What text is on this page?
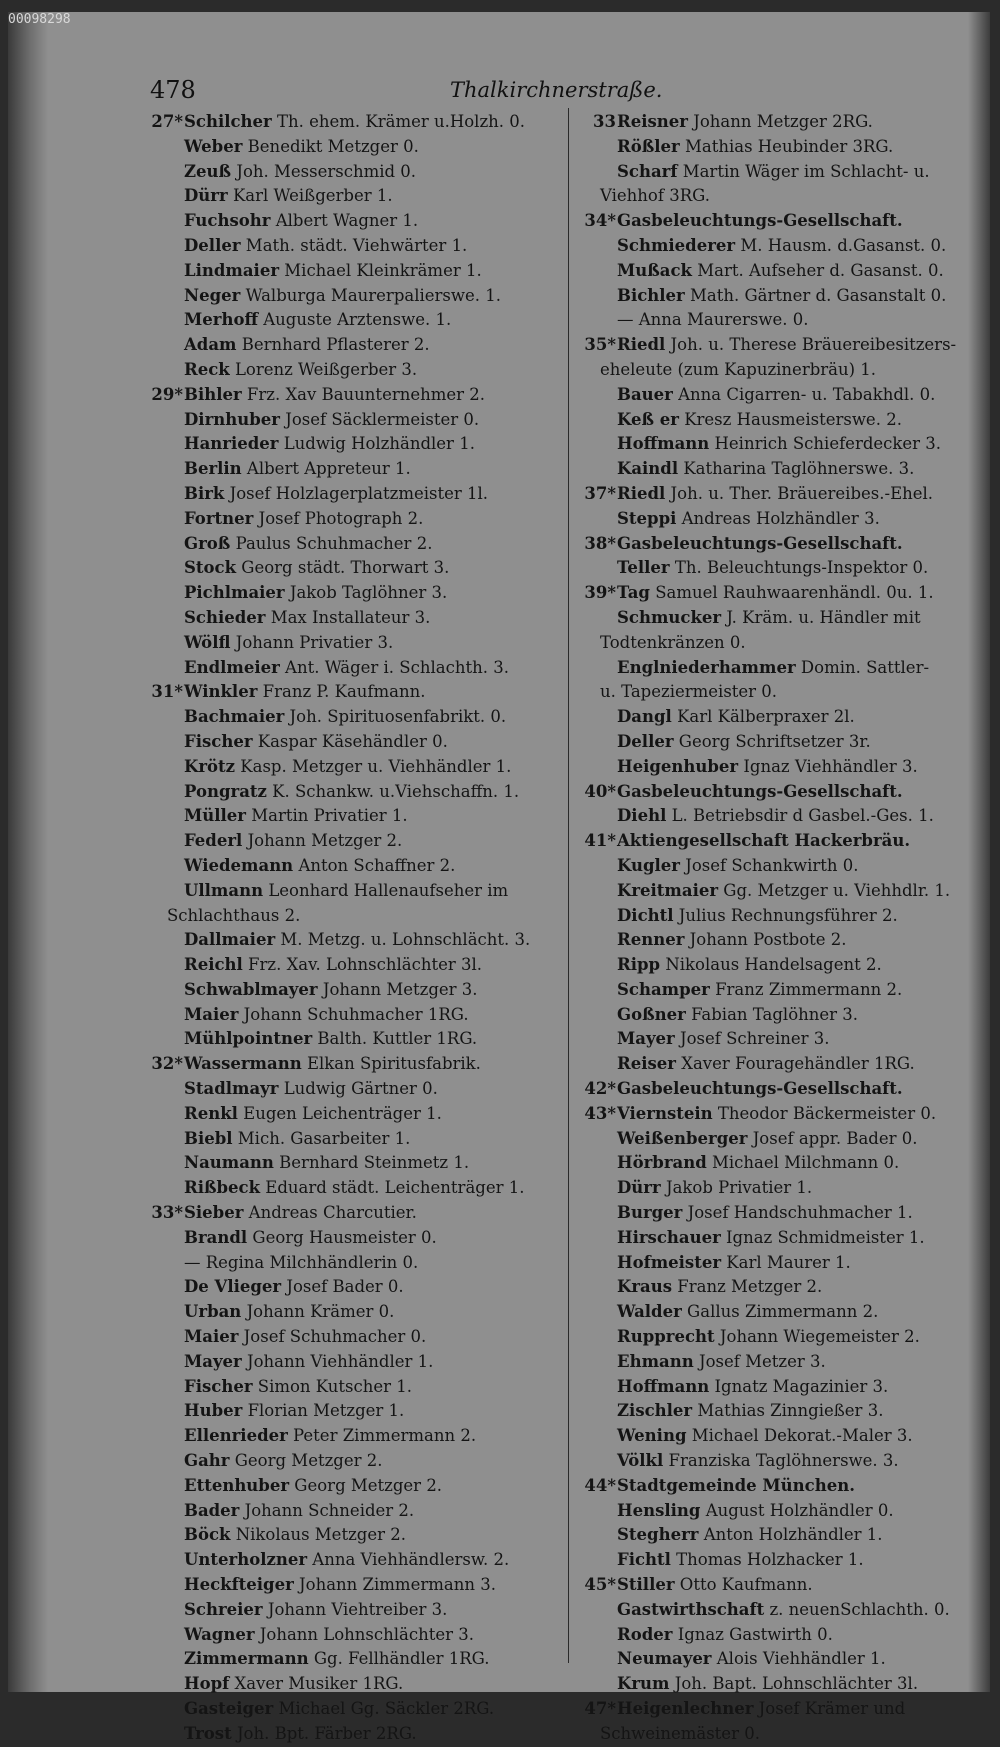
00098298
478	Thalkirchnerstraße.
27* Schilcher Th. ehem. Krämer u.Holzh. 0.
Weber Benedikt Metzger 0.
Zeuß Joh. Messerschmid 0.
Dürr Karl Weißgerber 1.
Fuchsohr Albert Wagner 1.
Deller Math. städt. Viehwärter 1.
Lindmaier Michael Kleinkrämer 1.
Neger Walburga Maurerpalierswe. 1.
Merhoff Auguste Arztenswe. 1.
Adam Bernhard Pflasterer 2.
Reck Lorenz Weißgerber 3.
29* Bihler Frz. Xav Bauunternehmer 2.
Dirnhuber Josef Säcklermeister 0.
Hanrieder Ludwig Holzhändler 1.
Berlin Albert Appreteur 1.
Birk Josef Holzlagerplatzmeister 1l.
Fortner Josef Photograph 2.
Groß Paulus Schuhmacher 2.
Stock Georg städt. Thorwart 3.
Pichlmaier Jakob Taglöhner 3.
Schieder Max Installateur 3.
Wölfl Johann Privatier 3.
Endlmeier Ant. Wäger i. Schlachth. 3.
31* Winkler Franz P. Kaufmann.
Bachmaier Joh. Spirituosenfabrikt. 0.
Fischer Kaspar Käsehändler 0.
Krötz Kasp. Metzger u. Viehhändler 1.
Pongratz K. Schankw. u.Viehschaffn. 1.
Müller Martin Privatier 1.
Federl Johann Metzger 2.
Wiedemann Anton Schaffner 2.
Ullmann Leonhard Hallenaufseher im
Schlachthaus 2.
Dallmaier M. Metzg. u. Lohnschlächt. 3.
Reichl Frz. Xav. Lohnschlächter 3l.
Schwablmayer Johann Metzger 3.
Maier Johann Schuhmacher 1RG.
Mühlpointner Balth. Kuttler 1RG.
32* Wassermann Elkan Spiritusfabrik.
Stadlmayr Ludwig Gärtner 0.
Renkl Eugen Leichenträger 1.
Biebl Mich. Gasarbeiter 1.
Naumann Bernhard Steinmetz 1.
Rißbeck Eduard städt. Leichenträger 1.
33* Sieber Andreas Charcutier.
Brandl Georg Hausmeister 0.
— Regina Milchhändlerin 0.
De Vlieger Josef Bader 0.
Urban Johann Krämer 0.
Maier Josef Schuhmacher 0.
Mayer Johann Viehhändler 1.
Fischer Simon Kutscher 1.
Huber Florian Metzger 1.
Ellenrieder Peter Zimmermann 2.
Gahr Georg Metzger 2.
Ettenhuber Georg Metzger 2.
Bader Johann Schneider 2.
Böck Nikolaus Metzger 2.
Unterholzner Anna Viehhändlersw. 2.
Heckfteiger Johann Zimmermann 3.
Schreier Johann Viehtreiber 3.
Wagner Johann Lohnschlächter 3.
Zimmermann Gg. Fellhändler 1RG.
Hopf Xaver Musiker 1RG.
Gasteiger Michael Gg. Säckler 2RG.
Trost Joh. Bpt. Färber 2RG.
33 Reisner Johann Metzger 2RG.
Rößler Mathias Heubinder 3RG.
Scharf Martin Wäger im Schlacht- u.
Viehhof 3RG.
34* Gasbeleuchtungs-Gesellschaft.
Schmiederer M. Hausm. d.Gasanst. 0.
Mußack Mart. Aufseher d. Gasanst. 0.
Bichler Math. Gärtner d. Gasanstalt 0.
— Anna Maurerswe. 0.
35* Riedl Joh. u. Therese Bräuereibesitzers-
eheleute (zum Kapuzinerbräu) 1.
Bauer Anna Cigarren- u. Tabakhdl. 0.
Keß er Kresz Hausmeisterswe. 2.
Hoffmann Heinrich Schieferdecker 3.
Kaindl Katharina Taglöhnerswe. 3.
37* Riedl Joh. u. Ther. Bräuereibes.-Ehel.
Steppi Andreas Holzhändler 3.
38* Gasbeleuchtungs-Gesellschaft.
Teller Th. Beleuchtungs-Inspektor 0.
39* Tag Samuel Rauhwaarenhändl. 0u. 1.
Schmucker J. Kräm. u. Händler mit
Todtenkränzen 0.
Englniederhammer Domin. Sattler-
u. Tapeziermeister 0.
Dangl Karl Kälberpraxer 2l.
Deller Georg Schriftsetzer 3r.
Heigenhuber Ignaz Viehhändler 3.
40* Gasbeleuchtungs-Gesellschaft.
Diehl L. Betriebsdir d Gasbel.-Ges. 1.
41* Aktiengesellschaft Hackerbräu.
Kugler Josef Schankwirth 0.
Kreitmaier Gg. Metzger u. Viehhdlr. 1.
Dichtl Julius Rechnungsführer 2.
Renner Johann Postbote 2.
Ripp Nikolaus Handelsagent 2.
Schamper Franz Zimmermann 2.
Goßner Fabian Taglöhner 3.
Mayer Josef Schreiner 3.
Reiser Xaver Fouragehändler 1RG.
42* Gasbeleuchtungs-Gesellschaft.
43* Viernstein Theodor Bäckermeister 0.
Weißenberger Josef appr. Bader 0.
Hörbrand Michael Milchmann 0.
Dürr Jakob Privatier 1.
Burger Josef Handschuhmacher 1.
Hirschauer Ignaz Schmidmeister 1.
Hofmeister Karl Maurer 1.
Kraus Franz Metzger 2.
Walder Gallus Zimmermann 2.
Rupprecht Johann Wiegemeister 2.
Ehmann Josef Metzer 3.
Hoffmann Ignatz Magazinier 3.
Zischler Mathias Zinngießer 3.
Wening Michael Dekorat.-Maler 3.
Völkl Franziska Taglöhnerswe. 3.
44* Stadtgemeinde München.
Hensling August Holzhändler 0.
Stegherr Anton Holzhändler 1.
Fichtl Thomas Holzhacker 1.
45* Stiller Otto Kaufmann.
Gastwirthschaft z. neuenSchlachth. 0.
Roder Ignaz Gastwirth 0.
Neumayer Alois Viehhändler 1.
Krum Joh. Bapt. Lohnschlächter 3l.
47* Heigenlechner Josef Krämer und
Schweinemäster 0.
